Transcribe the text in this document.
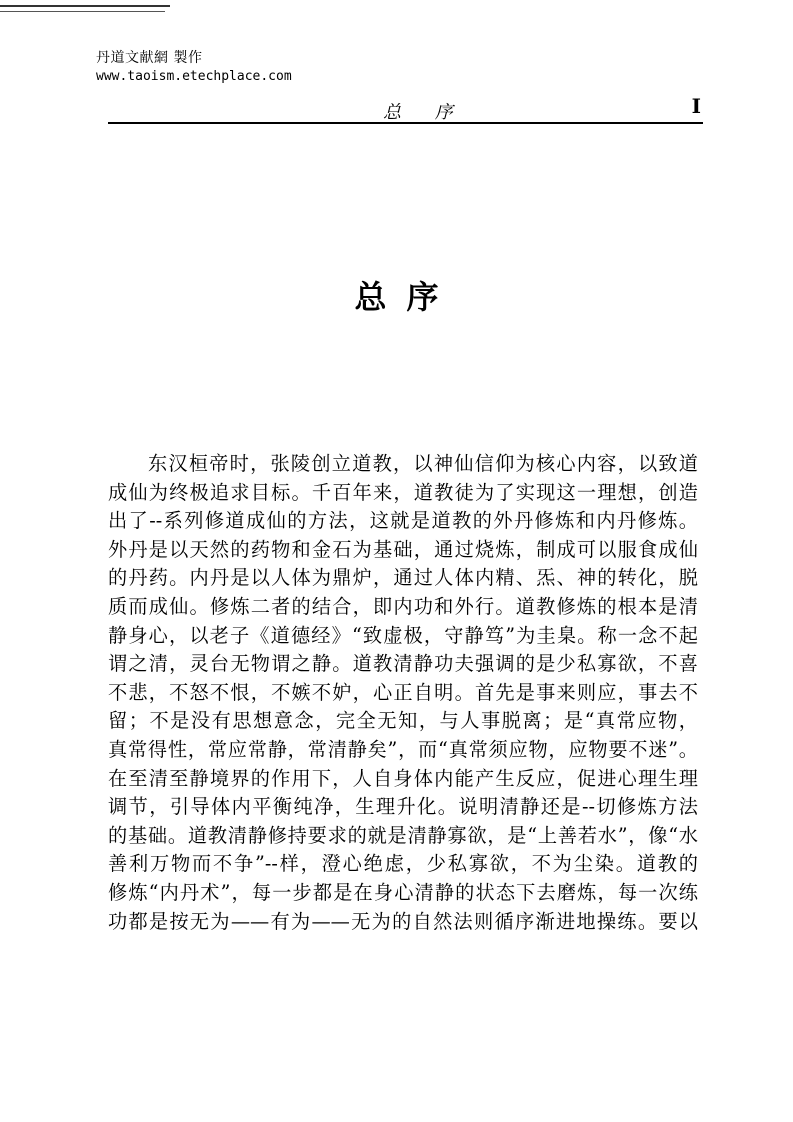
丹道文献網 製作
www.taoism.etechplace.com
总 序	I
总序
东汉桓帝时，张陵创立道教，以神仙信仰为核心内容，以致道
成仙为终极追求目标。千百年来，道教徒为了实现这一理想，创造
出了--系列修道成仙的方法，这就是道教的外丹修炼和内丹修炼。
外丹是以天然的药物和金石为基础，通过烧炼，制成可以服食成仙
的丹药。内丹是以人体为鼎炉，通过人体内精、炁、神的转化，脱
质而成仙。修炼二者的结合，即内功和外行。道教修炼的根本是清
静身心，以老子《道德经》“致虚极，守静笃”为圭臬。称一念不起
谓之清，灵台无物谓之静。道教清静功夫强调的是少私寡欲，不喜
不悲，不怒不恨，不嫉不妒，心正自明。首先是事来则应，事去不
留；不是没有思想意念，完全无知，与人事脱离；是“真常应物，
真常得性，常应常静，常清静矣”，而“真常须应物，应物要不迷”。
在至清至静境界的作用下，人自身体内能产生反应，促进心理生理
调节，引导体内平衡纯净，生理升化。说明清静还是--切修炼方法
的基础。道教清静修持要求的就是清静寡欲，是“上善若水”，像“水
善利万物而不争”--样，澄心绝虑，少私寡欲，不为尘染。道教的
修炼“内丹术”，每一步都是在身心清静的状态下去磨炼，每一次练
功都是按无为——有为——无为的自然法则循序渐进地操练。要以
